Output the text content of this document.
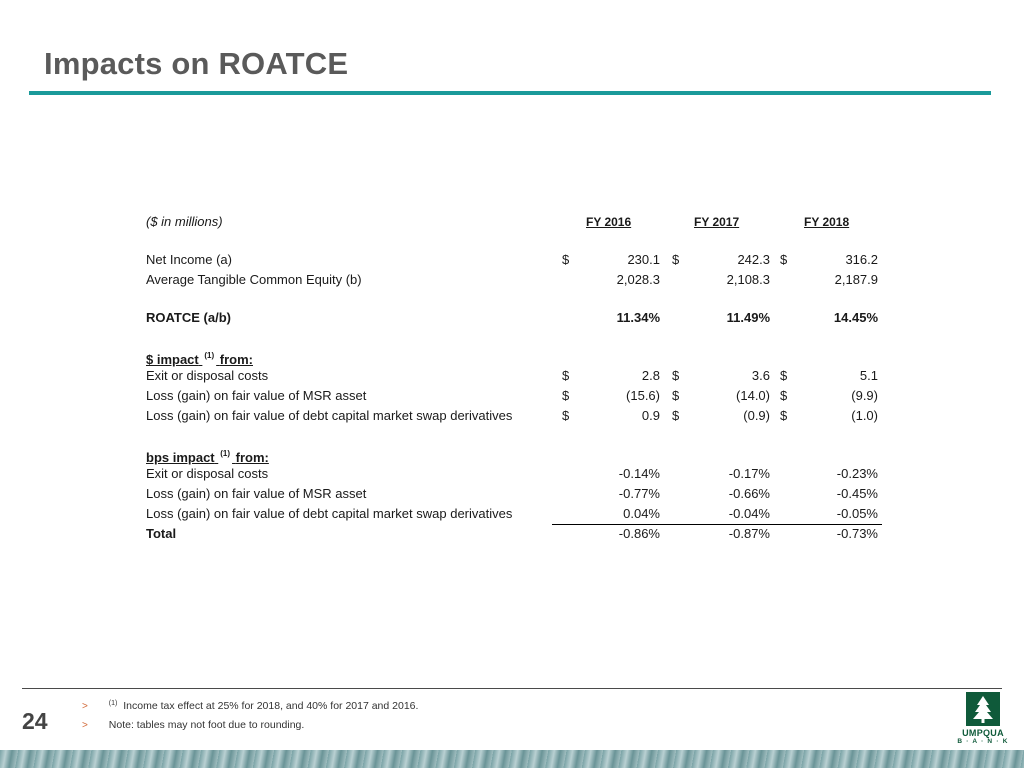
Impacts on ROATCE
($ in millions)	FY 2016	FY 2017	FY 2018
Net Income (a)	$	230.1 $	242.3 $	316.2
Average Tangible Common Equity (b)	2,028.3	2,108.3	2,187.9
ROATCE (a/b)	11.34%	11.49%	14.45%
$ impact (1) from:
Exit or disposal costs	$	2.8 $	3.6 $	5.1
Loss (gain) on fair value of MSR asset	$	(15.6) $	(14.0) $	(9.9)
Loss (gain) on fair value of debt capital market swap derivatives	$	0.9 $	(0.9) $	(1.0)
bps impact (1) from:
Exit or disposal costs	-0.14%	-0.17%	-0.23%
Loss (gain) on fair value of MSR asset	-0.77%	-0.66%	-0.45%
Loss (gain) on fair value of debt capital market swap derivatives	0.04%	-0.04%	-0.05%
Total	-0.86%	-0.87%	-0.73%
24
>	$^{(1)}$ Income tax effect at 25% for 2018, and 40% for 2017 and 2016.
> Note: tables may not foot due to rounding.
UMPQUA
B · A · N · K
